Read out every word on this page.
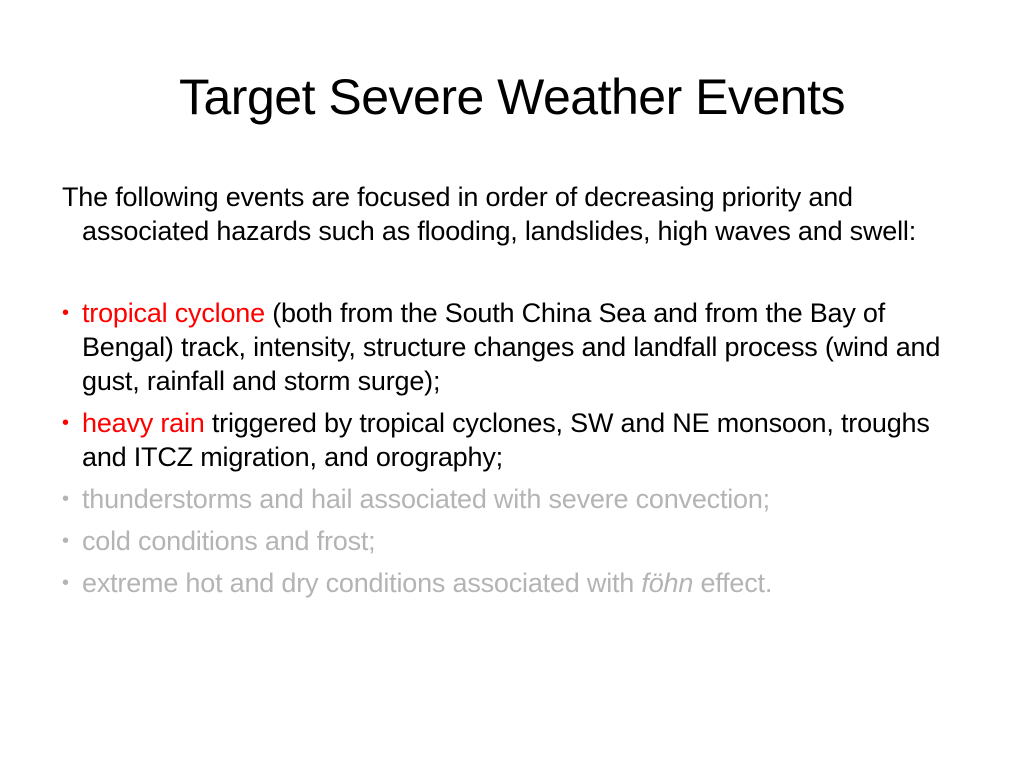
Target Severe Weather Events

The following events are focused in order of decreasing priority and associated hazards such as flooding, landslides, high waves and swell:

• tropical cyclone (both from the South China Sea and from the Bay of Bengal) track, intensity, structure changes and landfall process (wind and gust, rainfall and storm surge);
• heavy rain triggered by tropical cyclones, SW and NE monsoon, troughs and ITCZ migration, and orography;
• thunderstorms and hail associated with severe convection;
• cold conditions and frost;
• extreme hot and dry conditions associated with föhn effect.
